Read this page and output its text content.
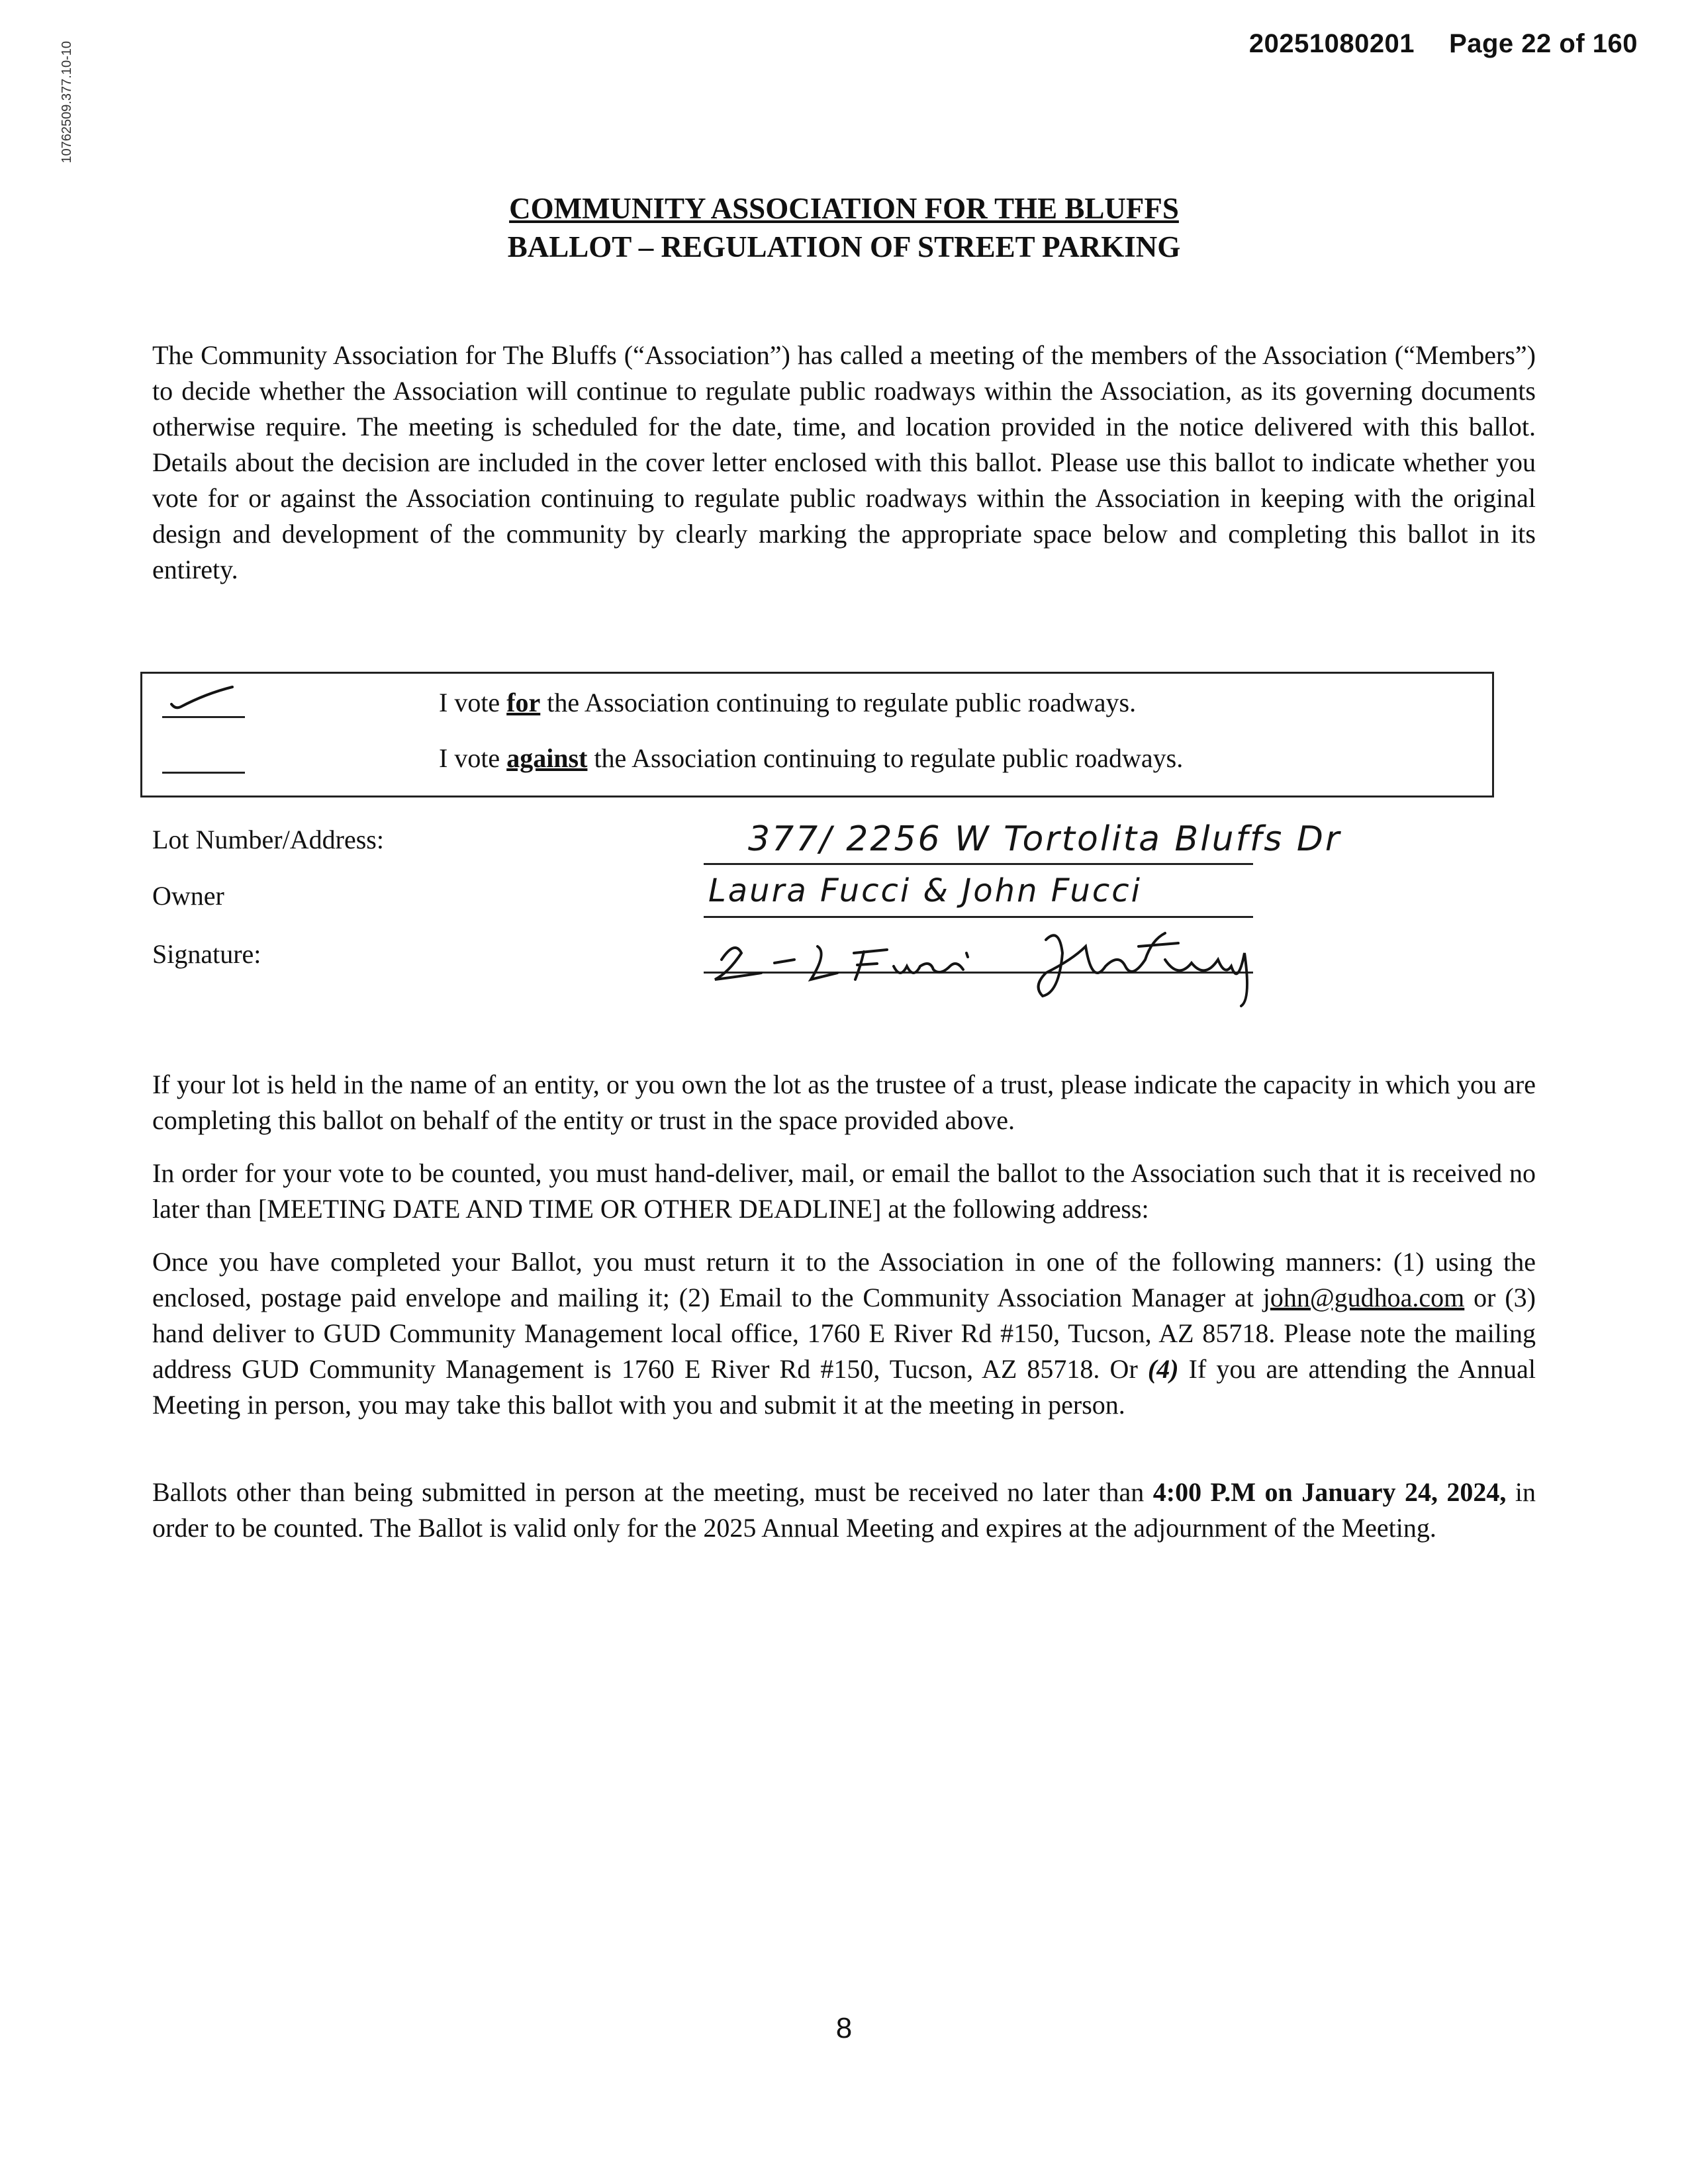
20251080201 Page 22 of 160
10762509.377.10-10
COMMUNITY ASSOCIATION FOR THE BLUFFS
BALLOT – REGULATION OF STREET PARKING

The Community Association for The Bluffs (“Association”) has called a meeting of the members of the Association (“Members”) to decide whether the Association will continue to regulate public roadways within the Association, as its governing documents otherwise require. The meeting is scheduled for the date, time, and location provided in the notice delivered with this ballot. Details about the decision are included in the cover letter enclosed with this ballot. Please use this ballot to indicate whether you vote for or against the Association continuing to regulate public roadways within the Association in keeping with the original design and development of the community by clearly marking the appropriate space below and completing this ballot in its entirety.

I vote for the Association continuing to regulate public roadways.
I vote against the Association continuing to regulate public roadways.
Lot Number/Address:	377/ 2256 W Tortolita Bluffs Dr
Owner	Laura Fucci & John Fucci
Signature:

If your lot is held in the name of an entity, or you own the lot as the trustee of a trust, please indicate the capacity in which you are completing this ballot on behalf of the entity or trust in the space provided above.

In order for your vote to be counted, you must hand-deliver, mail, or email the ballot to the Association such that it is received no later than [MEETING DATE AND TIME OR OTHER DEADLINE] at the following address:

Once you have completed your Ballot, you must return it to the Association in one of the following manners: (1) using the enclosed, postage paid envelope and mailing it; (2) Email to the Community Association Manager at john@gudhoa.com or (3) hand deliver to GUD Community Management local office, 1760 E River Rd #150, Tucson, AZ 85718. Please note the mailing address GUD Community Management is 1760 E River Rd #150, Tucson, AZ 85718. Or (4) If you are attending the Annual Meeting in person, you may take this ballot with you and submit it at the meeting in person.

Ballots other than being submitted in person at the meeting, must be received no later than 4:00 P.M on January 24, 2024, in order to be counted. The Ballot is valid only for the 2025 Annual Meeting and expires at the adjournment of the Meeting.

8
